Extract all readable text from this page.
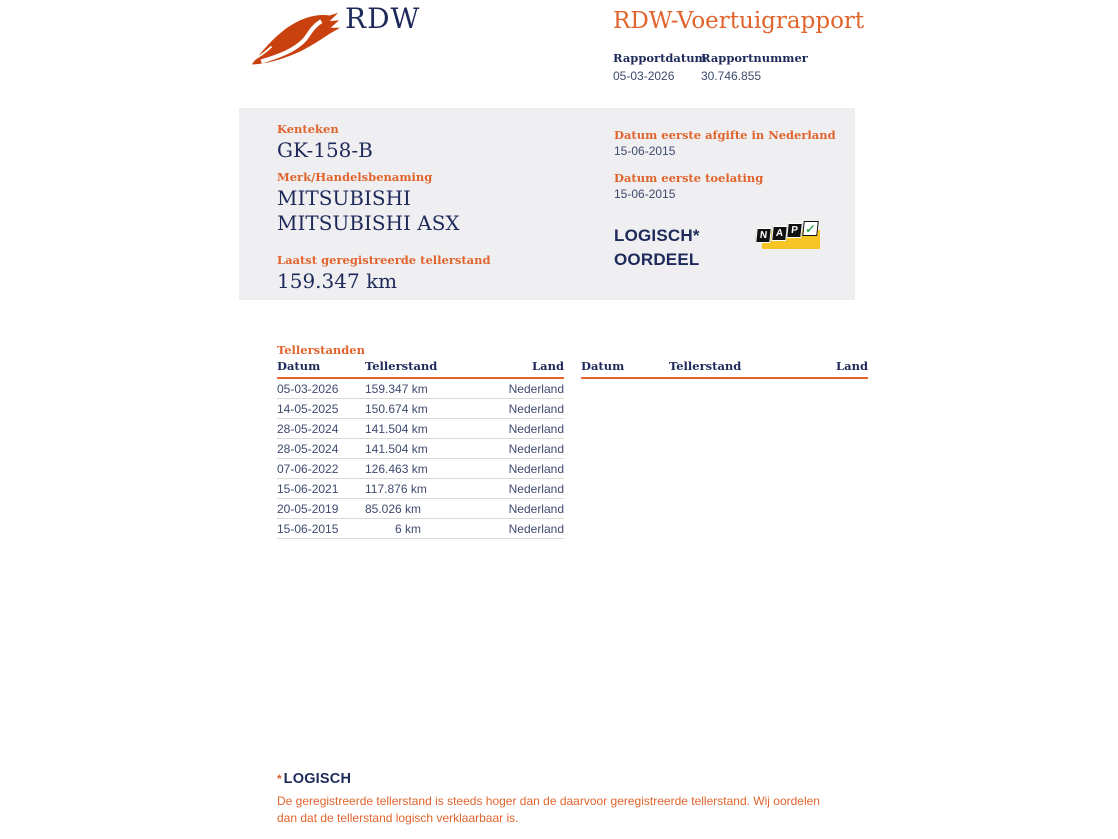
RDW	RDW-Voertuigrapport
Rapportdatum
05-03-2026
Rapportnummer
30.746.855
Kenteken
GK-158-B
Merk/Handelsbenaming
MITSUBISHI
MITSUBISHI ASX
Laatst geregistreerde tellerstand
159.347 km
Datum eerste afgifte in Nederland
15-06-2015
Datum eerste toelating
15-06-2015
LOGISCH*
OORDEEL
N A P ✓
Tellerstanden
Datum	Tellerstand	Land
05-03-2026	159.347 km	Nederland
14-05-2025	150.674 km	Nederland
28-05-2024	141.504 km	Nederland
28-05-2024	141.504 km	Nederland
07-06-2022	126.463 km	Nederland
15-06-2021	117.876 km	Nederland
20-05-2019	85.026 km	Nederland
15-06-2015	6 km	Nederland
Datum	Tellerstand	Land
* LOGISCH
De geregistreerde tellerstand is steeds hoger dan de daarvoor geregistreerde tellerstand. Wij oordelen dan dat de tellerstand logisch verklaarbaar is.
